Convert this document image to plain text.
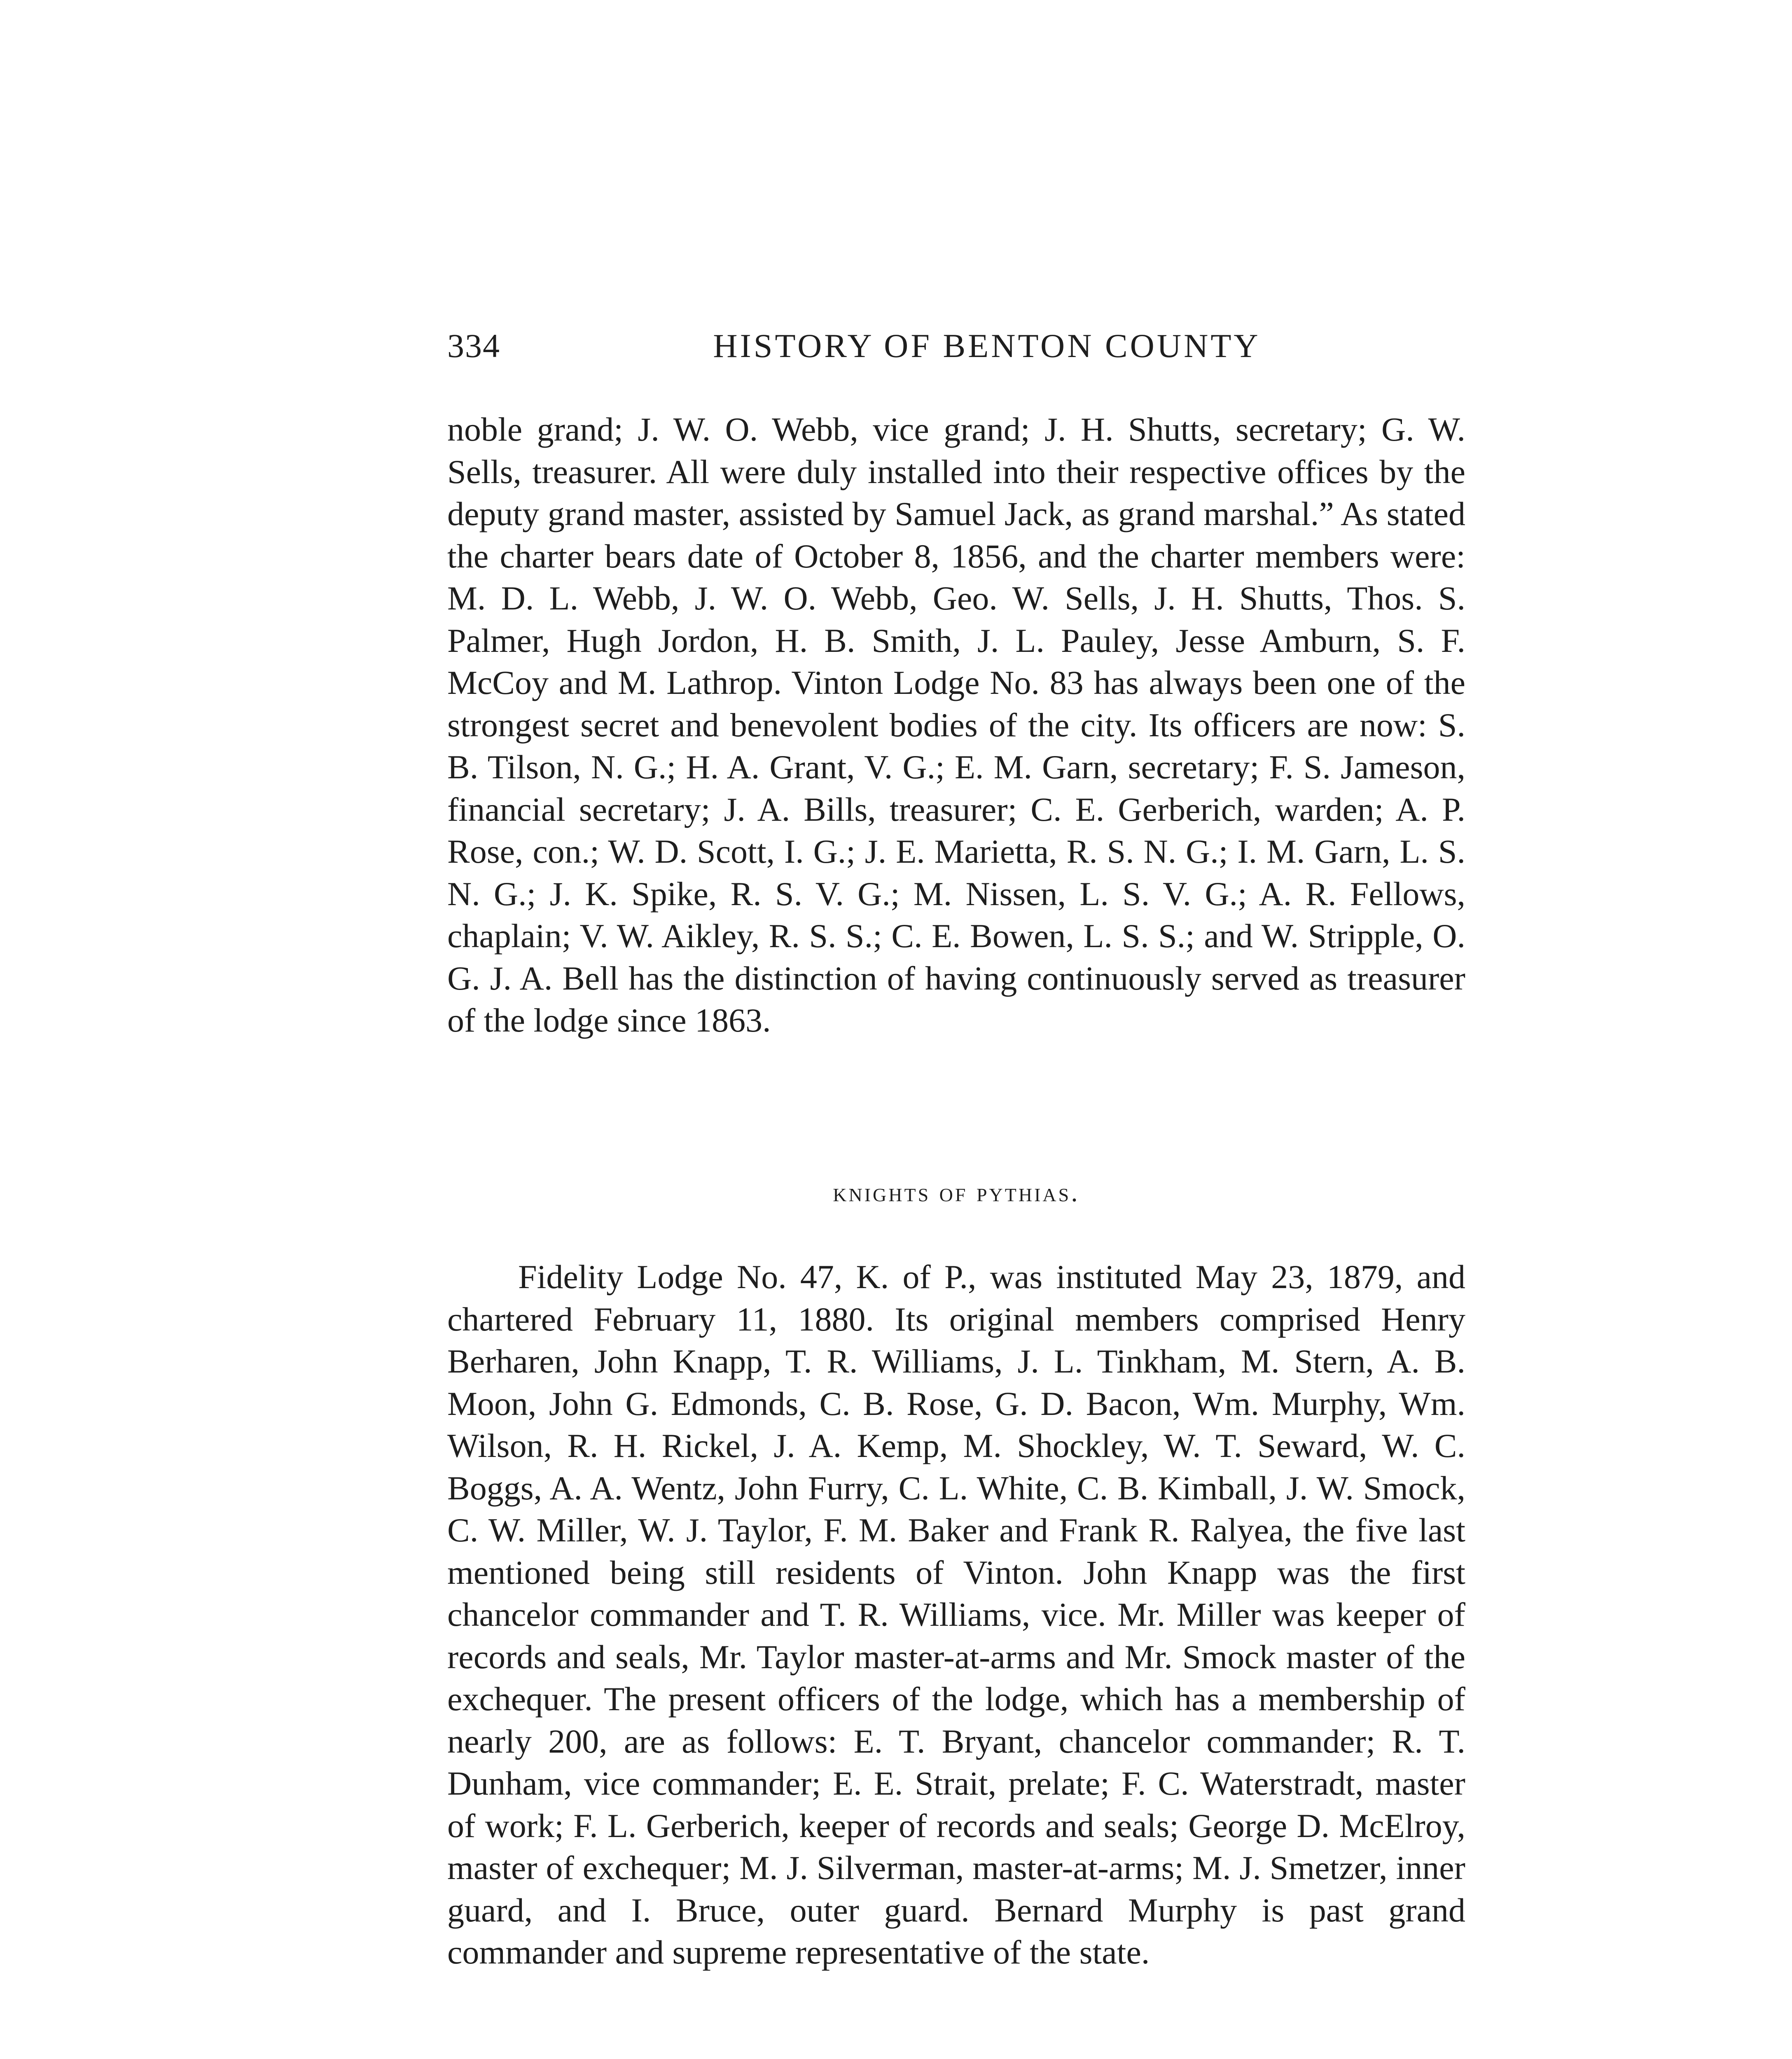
334	HISTORY OF BENTON COUNTY

noble grand; J. W. O. Webb, vice grand; J. H. Shutts, secretary; G. W. Sells, treasurer. All were duly installed into their respective offices by the deputy grand master, assisted by Samuel Jack, as grand marshal.” As stated the charter bears date of October 8, 1856, and the charter members were: M. D. L. Webb, J. W. O. Webb, Geo. W. Sells, J. H. Shutts, Thos. S. Palmer, Hugh Jordon, H. B. Smith, J. L. Pauley, Jesse Amburn, S. F. McCoy and M. Lathrop. Vinton Lodge No. 83 has always been one of the strongest secret and benevolent bodies of the city. Its officers are now: S. B. Tilson, N. G.; H. A. Grant, V. G.; E. M. Garn, secretary; F. S. Jameson, financial secretary; J. A. Bills, treasurer; C. E. Gerberich, warden; A. P. Rose, con.; W. D. Scott, I. G.; J. E. Marietta, R. S. N. G.; I. M. Garn, L. S. N. G.; J. K. Spike, R. S. V. G.; M. Nissen, L. S. V. G.; A. R. Fellows, chaplain; V. W. Aikley, R. S. S.; C. E. Bowen, L. S. S.; and W. Stripple, O. G. J. A. Bell has the distinction of having continuously served as treasurer of the lodge since 1863.

knights of pythias.

Fidelity Lodge No. 47, K. of P., was instituted May 23, 1879, and chartered February 11, 1880. Its original members comprised Henry Berharen, John Knapp, T. R. Williams, J. L. Tinkham, M. Stern, A. B. Moon, John G. Edmonds, C. B. Rose, G. D. Bacon, Wm. Murphy, Wm. Wilson, R. H. Rickel, J. A. Kemp, M. Shockley, W. T. Seward, W. C. Boggs, A. A. Wentz, John Furry, C. L. White, C. B. Kimball, J. W. Smock, C. W. Miller, W. J. Taylor, F. M. Baker and Frank R. Ralyea, the five last mentioned being still residents of Vinton. John Knapp was the first chancelor commander and T. R. Williams, vice. Mr. Miller was keeper of records and seals, Mr. Taylor master-at-arms and Mr. Smock master of the exchequer. The present officers of the lodge, which has a membership of nearly 200, are as follows: E. T. Bryant, chancelor commander; R. T. Dunham, vice commander; E. E. Strait, prelate; F. C. Waterstradt, master of work; F. L. Gerberich, keeper of records and seals; George D. McElroy, master of exchequer; M. J. Silverman, master-at-arms; M. J. Smetzer, inner guard, and I. Bruce, outer guard. Bernard Murphy is past grand commander and supreme representative of the state.
